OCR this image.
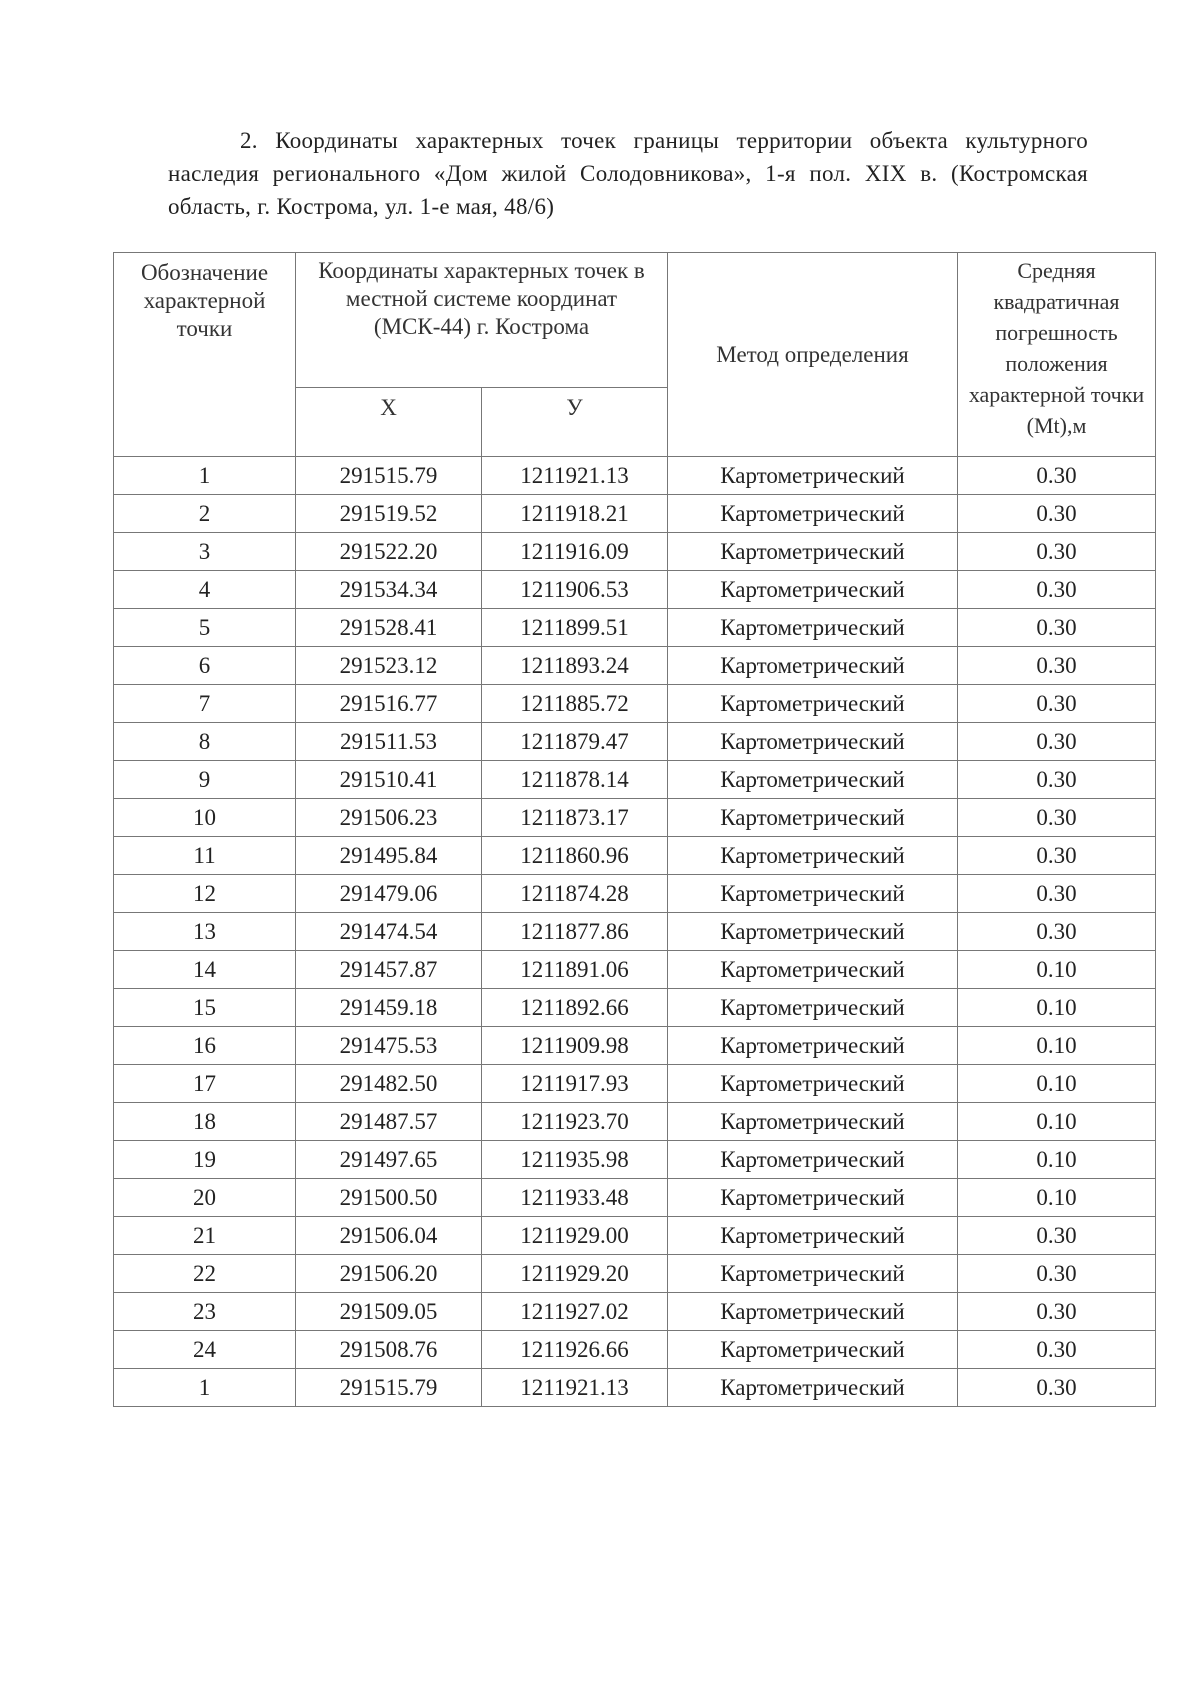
2. Координаты характерных точек границы территории объекта культурного наследия регионального «Дом жилой Солодовникова», 1-я пол. XIX в. (Костромская область, г. Кострома, ул. 1-е мая, 48/6)
Обозначение характерной точки	Координаты характерных точек в местной системе координат (МСК-44) г. Кострома		Метод определения	Средняя квадратичная погрешность положения характерной точки (Mt),м
	Х	У		
1	291515.79	1211921.13	Картометрический	0.30
2	291519.52	1211918.21	Картометрический	0.30
3	291522.20	1211916.09	Картометрический	0.30
4	291534.34	1211906.53	Картометрический	0.30
5	291528.41	1211899.51	Картометрический	0.30
6	291523.12	1211893.24	Картометрический	0.30
7	291516.77	1211885.72	Картометрический	0.30
8	291511.53	1211879.47	Картометрический	0.30
9	291510.41	1211878.14	Картометрический	0.30
10	291506.23	1211873.17	Картометрический	0.30
11	291495.84	1211860.96	Картометрический	0.30
12	291479.06	1211874.28	Картометрический	0.30
13	291474.54	1211877.86	Картометрический	0.30
14	291457.87	1211891.06	Картометрический	0.10
15	291459.18	1211892.66	Картометрический	0.10
16	291475.53	1211909.98	Картометрический	0.10
17	291482.50	1211917.93	Картометрический	0.10
18	291487.57	1211923.70	Картометрический	0.10
19	291497.65	1211935.98	Картометрический	0.10
20	291500.50	1211933.48	Картометрический	0.10
21	291506.04	1211929.00	Картометрический	0.30
22	291506.20	1211929.20	Картометрический	0.30
23	291509.05	1211927.02	Картометрический	0.30
24	291508.76	1211926.66	Картометрический	0.30
1	291515.79	1211921.13	Картометрический	0.30
